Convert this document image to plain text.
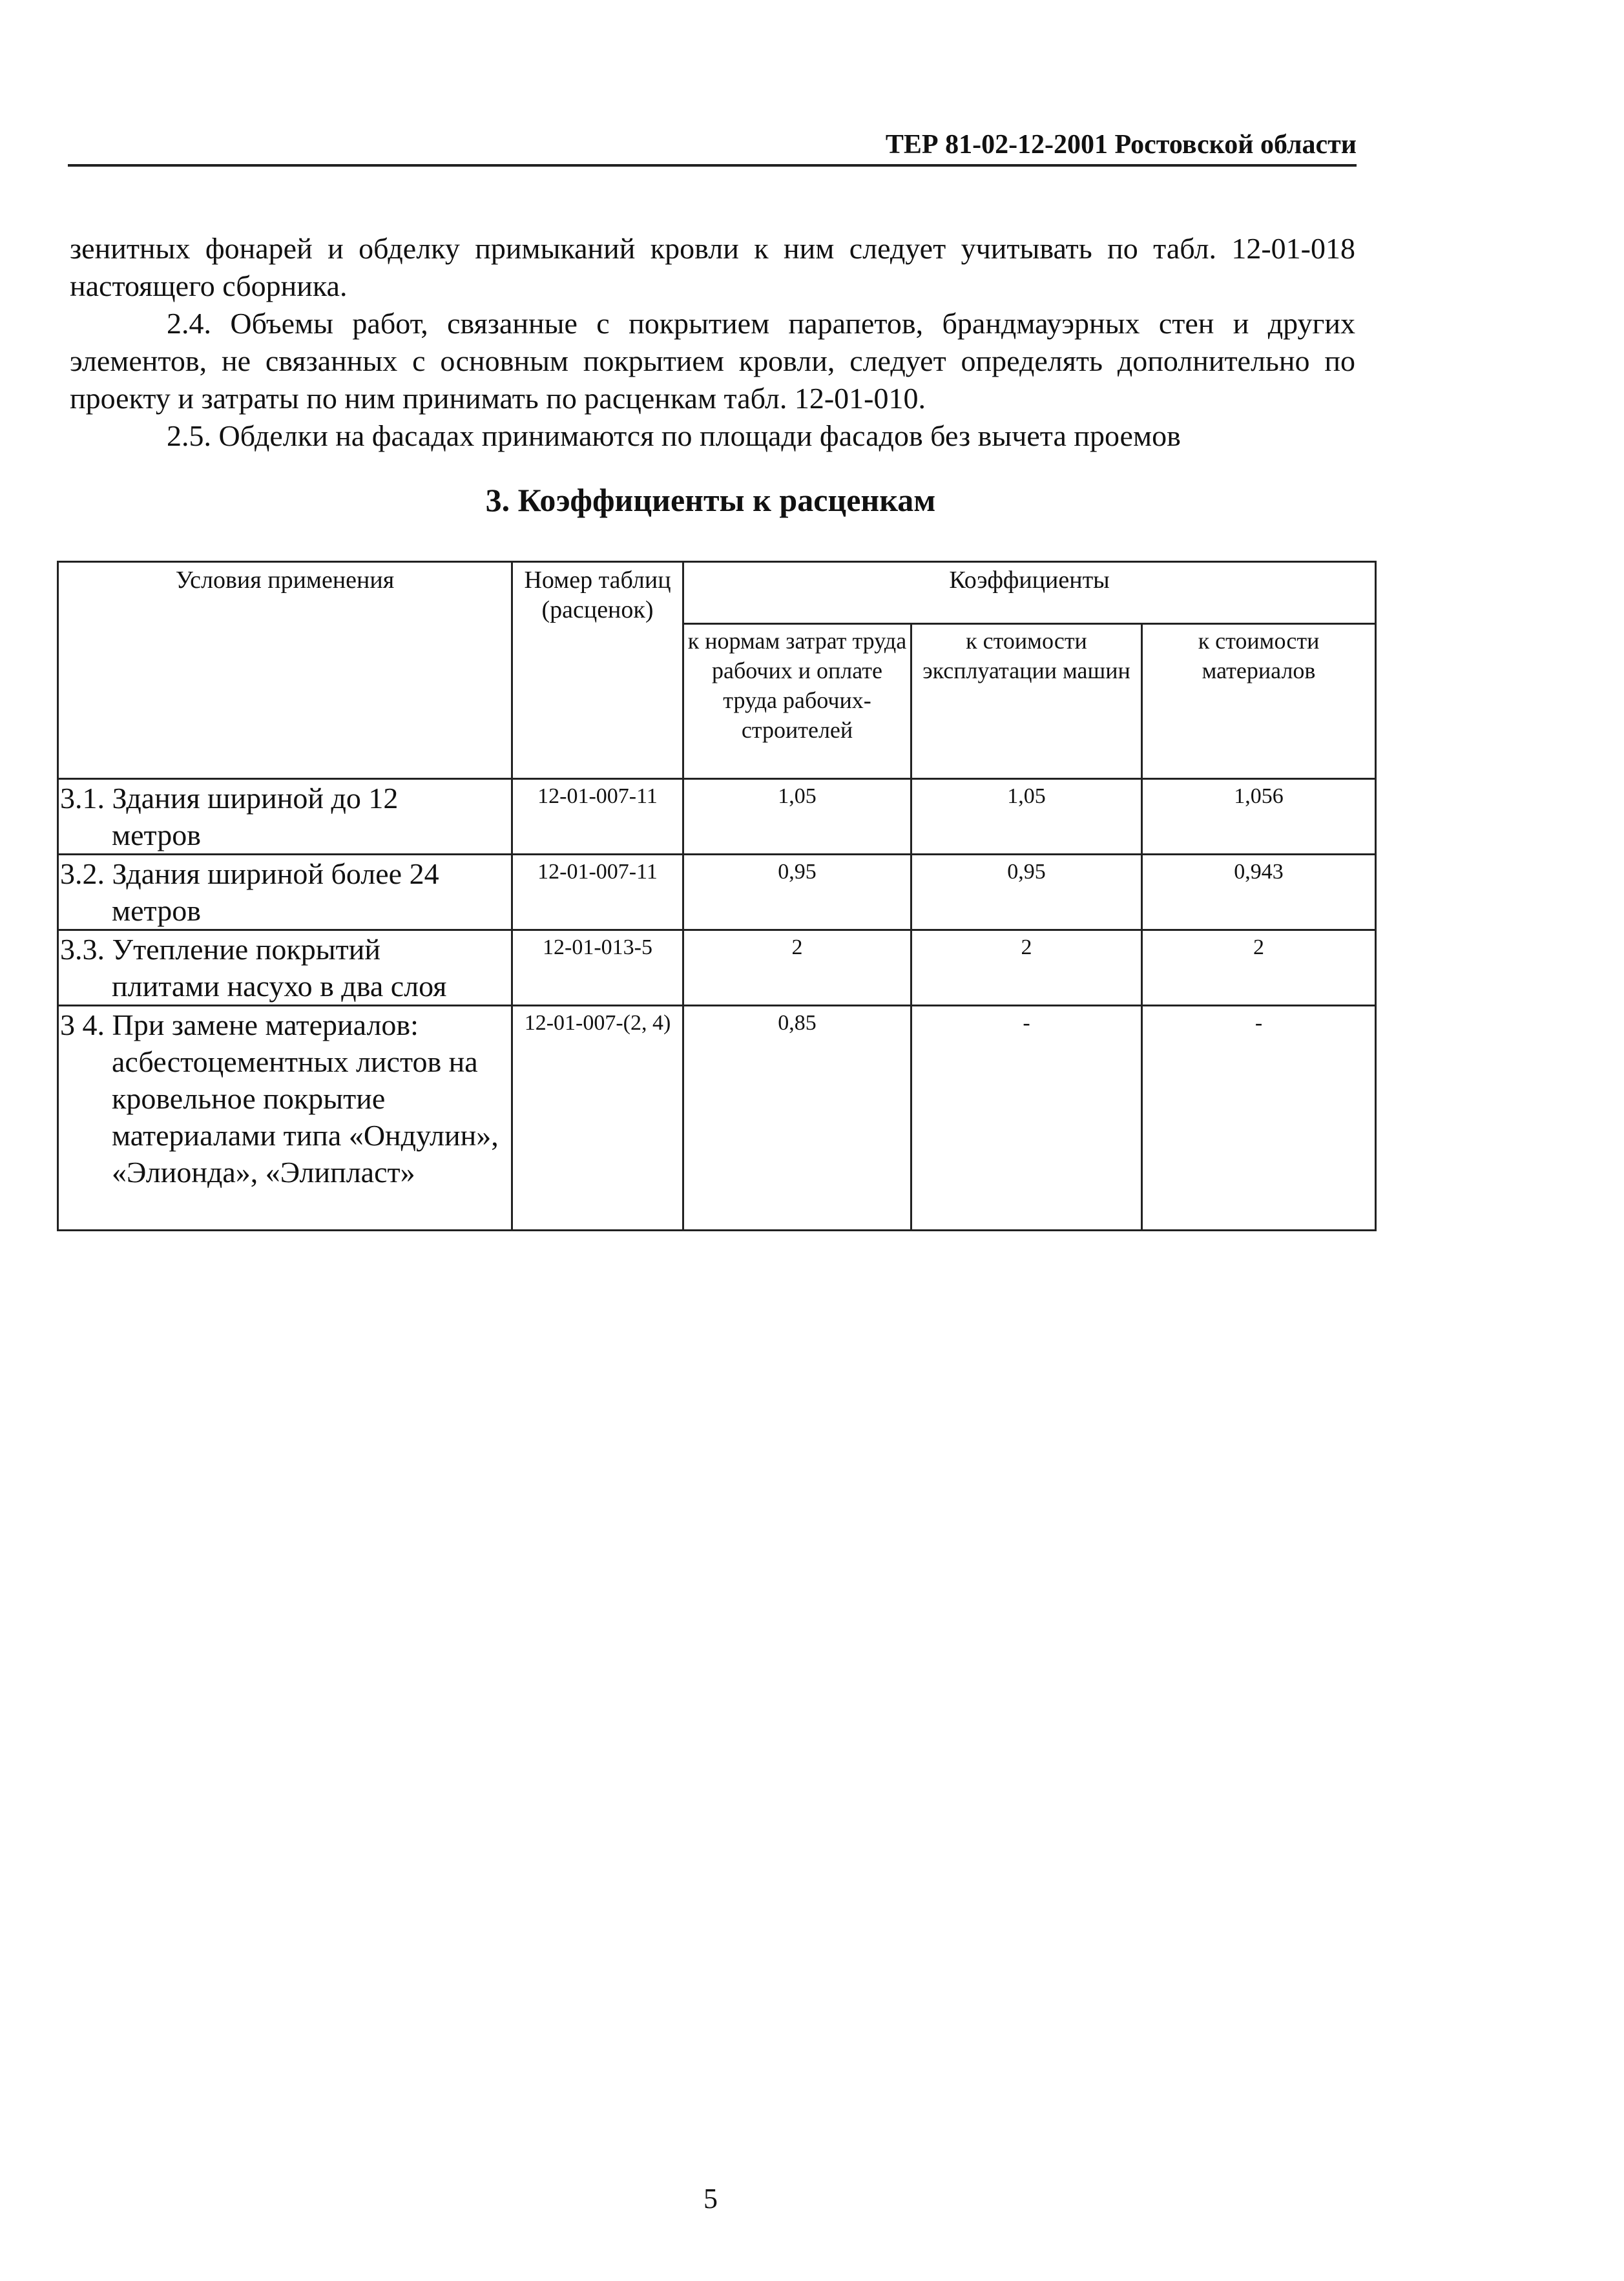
ТЕР 81-02-12-2001 Ростовской области

зенитных фонарей и обделку примыканий кровли к ним следует учитывать по табл. 12-01-018 настоящего сборника.

2.4. Объемы работ, связанные с покрытием парапетов, брандмауэрных стен и других элементов, не связанных с основным покрытием кровли, следует определять дополнительно по проекту и затраты по ним принимать по расценкам табл. 12-01-010.

2.5. Обделки на фасадах принимаются по площади фасадов без вычета проемов

3. Коэффициенты к расценкам
Условия применения	Номер таблиц (расценок)	Коэффициенты		
		к нормам затрат труда рабочих и оплате труда рабочих-строителей	к стоимости эксплуатации машин	к стоимости материалов
3.1. Здания шириной до 12
метров	12-01-007-11	1,05	1,05	1,056
3.2. Здания шириной более 24
метров	12-01-007-11	0,95	0,95	0,943
3.3. Утепление покрытий
плитами насухо в два слоя	12-01-013-5	2	2	2
3 4. При замене материалов:
асбестоцементных листов на кровельное покрытие материалами типа «Ондулин», «Элионда», «Элипласт»	12-01-007-(2, 4)	0,85	-	-
5
